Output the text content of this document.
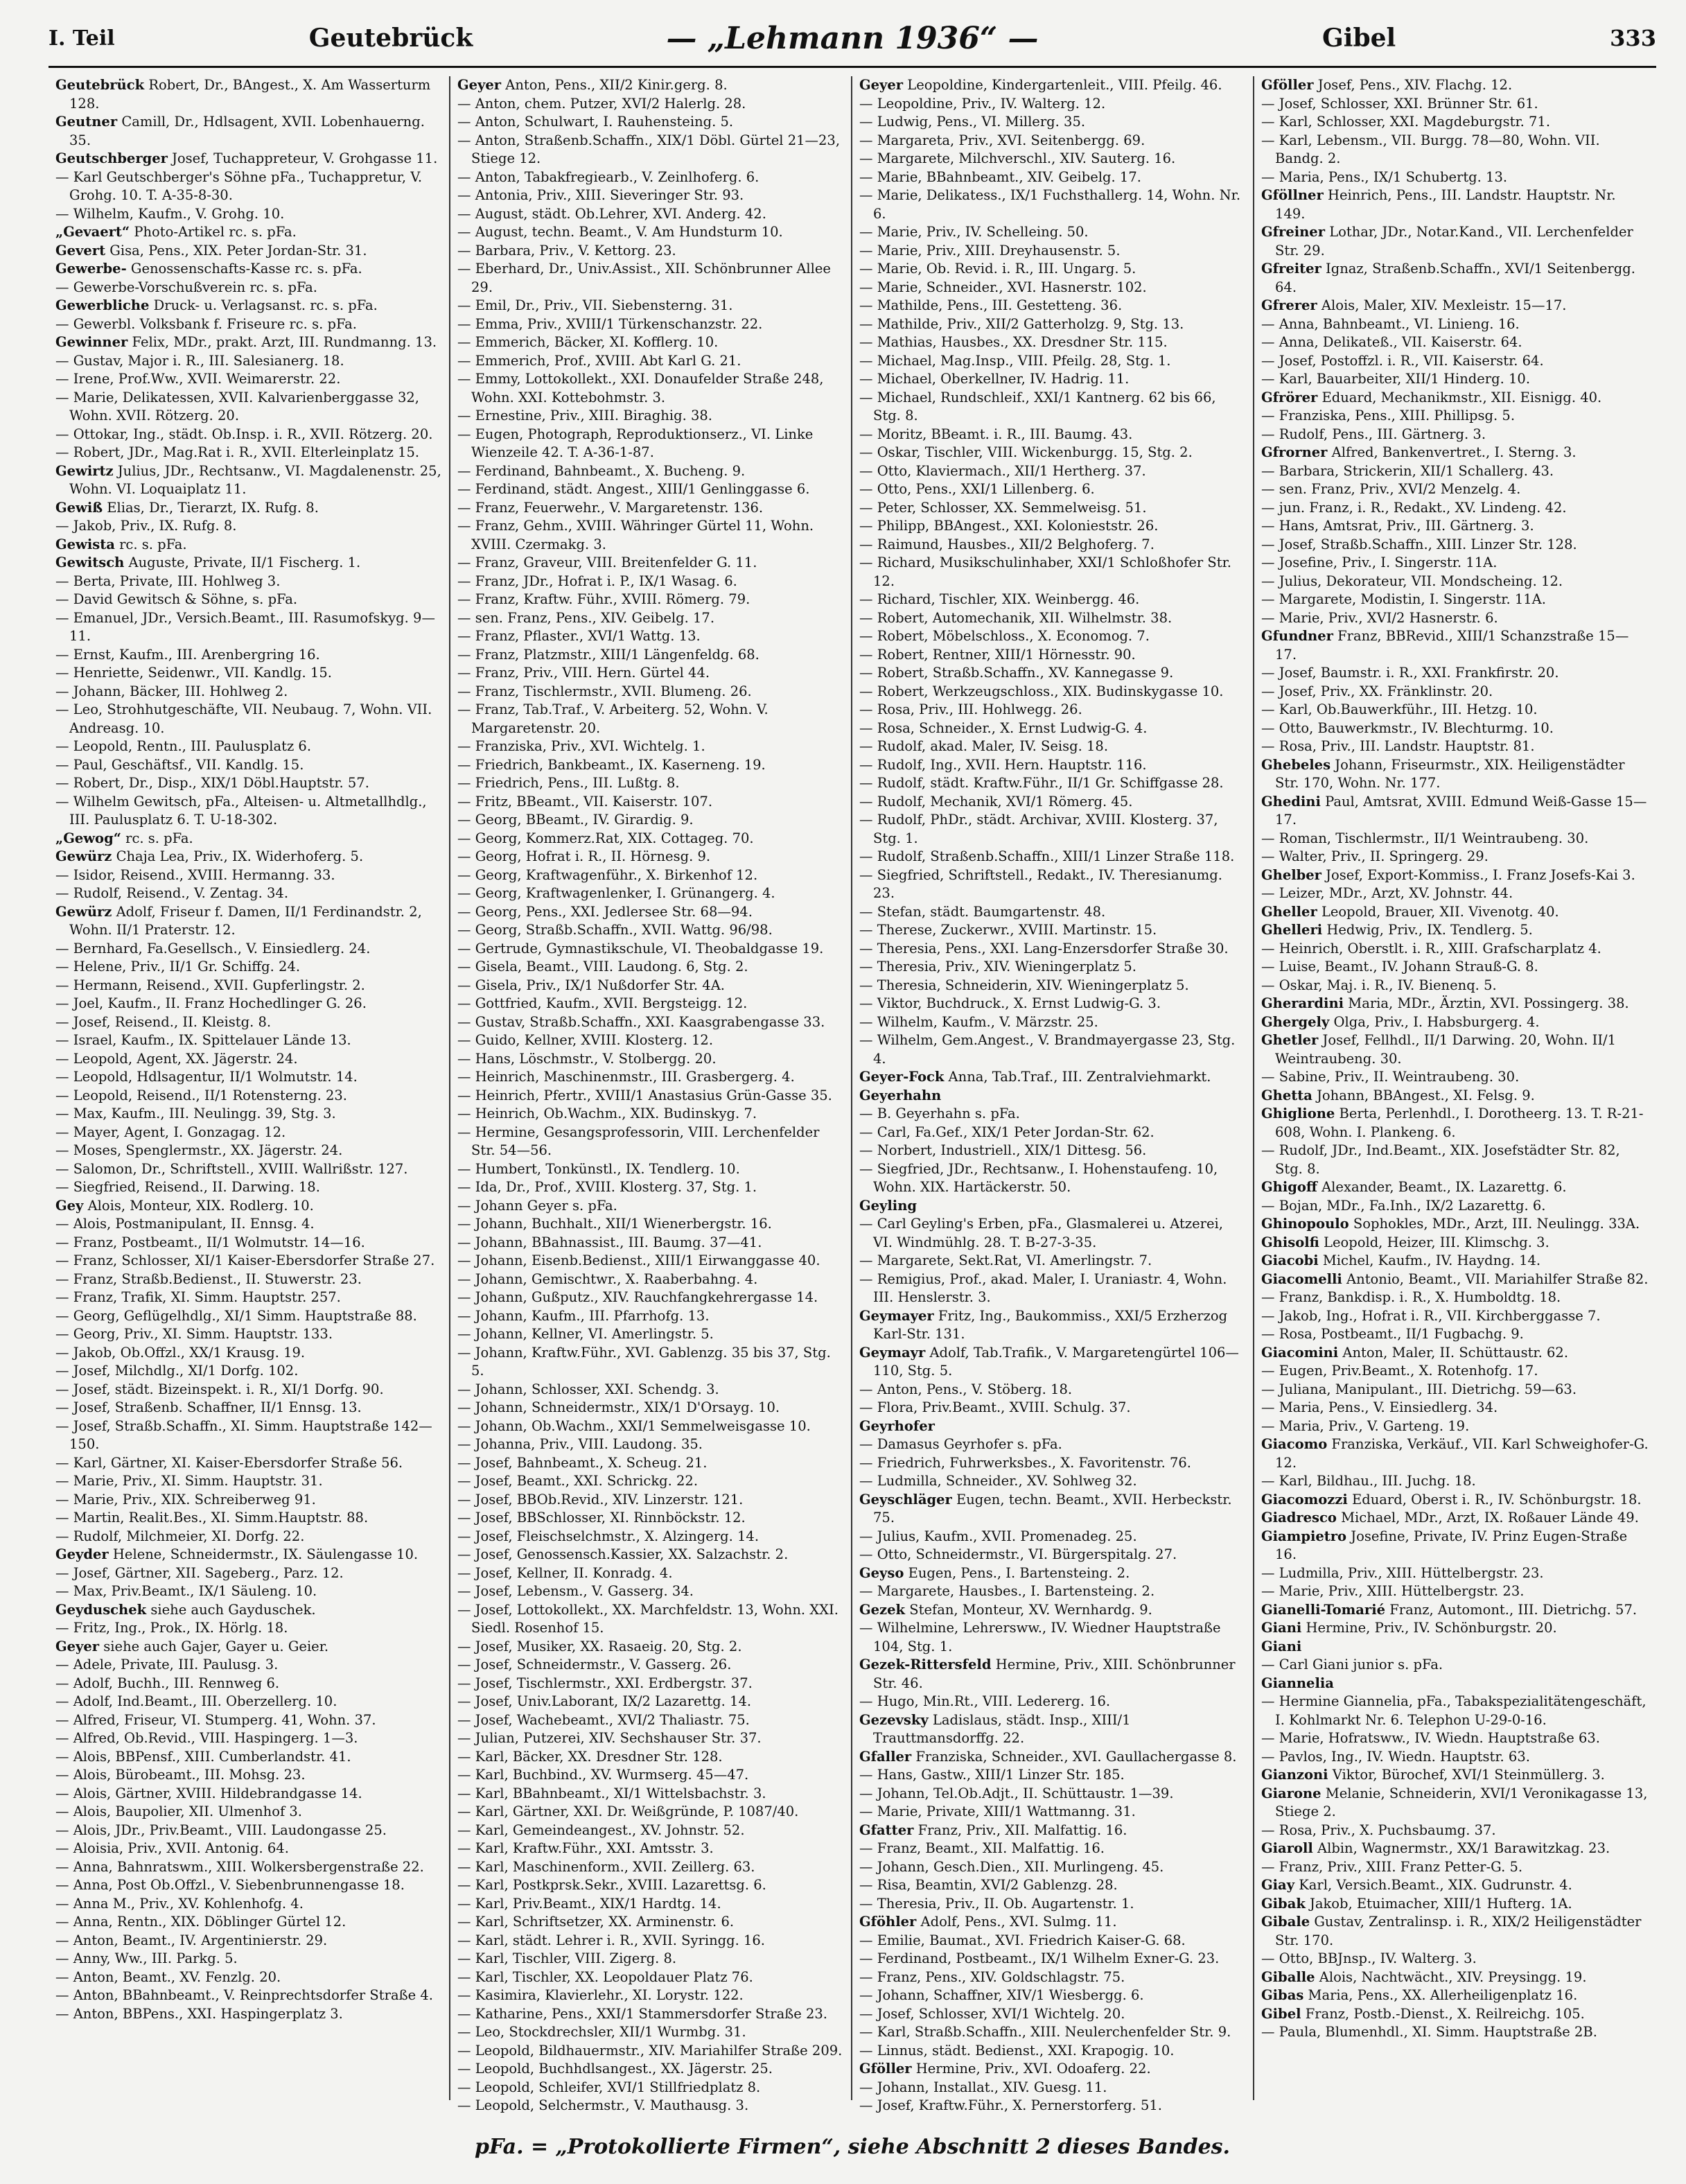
I. Teil	Geutebrück	— „Lehmann 1936“ —	Gibel	333

Geutebrück Robert, Dr., BAngest., X. Am Wasserturm 128.

Geutner Camill, Dr., Hdlsagent, XVII. Lobenhauerng. 35.

Geutschberger Josef, Tuchappreteur, V. Grohgasse 11.

— Karl Geutschberger's Söhne pFa., Tuchappretur, V. Grohg. 10. T. A-35-8-30.

— Wilhelm, Kaufm., V. Grohg. 10.

„Gevaert“ Photo-Artikel rc. s. pFa.

Gevert Gisa, Pens., XIX. Peter Jordan-Str. 31.

Gewerbe- Genossenschafts-Kasse rc. s. pFa.

— Gewerbe-Vorschußverein rc. s. pFa.

Gewerbliche Druck- u. Verlagsanst. rc. s. pFa.

— Gewerbl. Volksbank f. Friseure rc. s. pFa.

Gewinner Felix, MDr., prakt. Arzt, III. Rundmanng. 13.

— Gustav, Major i. R., III. Salesianerg. 18.

— Irene, Prof.Ww., XVII. Weimarerstr. 22.

— Marie, Delikatessen, XVII. Kalvarienberggasse 32, Wohn. XVII. Rötzerg. 20.

— Ottokar, Ing., städt. Ob.Insp. i. R., XVII. Rötzerg. 20.

— Robert, JDr., Mag.Rat i. R., XVII. Elterleinplatz 15.

Gewirtz Julius, JDr., Rechtsanw., VI. Magdalenenstr. 25, Wohn. VI. Loquaiplatz 11.

Gewiß Elias, Dr., Tierarzt, IX. Rufg. 8.

— Jakob, Priv., IX. Rufg. 8.

Gewista rc. s. pFa.

Gewitsch Auguste, Private, II/1 Fischerg. 1.

— Berta, Private, III. Hohlweg 3.

— David Gewitsch & Söhne, s. pFa.

— Emanuel, JDr., Versich.Beamt., III. Rasumofskyg. 9—11.

— Ernst, Kaufm., III. Arenbergring 16.

— Henriette, Seidenwr., VII. Kandlg. 15.

— Johann, Bäcker, III. Hohlweg 2.

— Leo, Strohhutgeschäfte, VII. Neubaug. 7, Wohn. VII. Andreasg. 10.

— Leopold, Rentn., III. Paulusplatz 6.

— Paul, Geschäftsf., VII. Kandlg. 15.

— Robert, Dr., Disp., XIX/1 Döbl.Hauptstr. 57.

— Wilhelm Gewitsch, pFa., Alteisen- u. Altmetallhdlg., III. Paulusplatz 6. T. U-18-302.

„Gewog“ rc. s. pFa.

Gewürz Chaja Lea, Priv., IX. Widerhoferg. 5.

— Isidor, Reisend., XVIII. Hermanng. 33.

— Rudolf, Reisend., V. Zentag. 34.

Gewürz Adolf, Friseur f. Damen, II/1 Ferdinandstr. 2, Wohn. II/1 Praterstr. 12.

— Bernhard, Fa.Gesellsch., V. Einsiedlerg. 24.

— Helene, Priv., II/1 Gr. Schiffg. 24.

— Hermann, Reisend., XVII. Gupferlingstr. 2.

— Joel, Kaufm., II. Franz Hochedlinger G. 26.

— Josef, Reisend., II. Kleistg. 8.

— Israel, Kaufm., IX. Spittelauer Lände 13.

— Leopold, Agent, XX. Jägerstr. 24.

— Leopold, Hdlsagentur, II/1 Wolmutstr. 14.

— Leopold, Reisend., II/1 Rotensterng. 23.

— Max, Kaufm., III. Neulingg. 39, Stg. 3.

— Mayer, Agent, I. Gonzagag. 12.

— Moses, Spenglermstr., XX. Jägerstr. 24.

— Salomon, Dr., Schriftstell., XVIII. Wallrißstr. 127.

— Siegfried, Reisend., II. Darwing. 18.

Gey Alois, Monteur, XIX. Rodlerg. 10.

— Alois, Postmanipulant, II. Ennsg. 4.

— Franz, Postbeamt., II/1 Wolmutstr. 14—16.

— Franz, Schlosser, XI/1 Kaiser-Ebersdorfer Straße 27.

— Franz, Straßb.Bedienst., II. Stuwerstr. 23.

— Franz, Trafik, XI. Simm. Hauptstr. 257.

— Georg, Geflügelhdlg., XI/1 Simm. Hauptstraße 88.

— Georg, Priv., XI. Simm. Hauptstr. 133.

— Jakob, Ob.Offzl., XX/1 Krausg. 19.

— Josef, Milchdlg., XI/1 Dorfg. 102.

— Josef, städt. Bizeinspekt. i. R., XI/1 Dorfg. 90.

— Josef, Straßenb. Schaffner, II/1 Ennsg. 13.

— Josef, Straßb.Schaffn., XI. Simm. Hauptstraße 142—150.

— Karl, Gärtner, XI. Kaiser-Ebersdorfer Straße 56.

— Marie, Priv., XI. Simm. Hauptstr. 31.

— Marie, Priv., XIX. Schreiberweg 91.

— Martin, Realit.Bes., XI. Simm.Hauptstr. 88.

— Rudolf, Milchmeier, XI. Dorfg. 22.

Geyder Helene, Schneidermstr., IX. Säulengasse 10.

— Josef, Gärtner, XII. Sageberg., Parz. 12.

— Max, Priv.Beamt., IX/1 Säuleng. 10.

Geyduschek siehe auch Gayduschek.

— Fritz, Ing., Prok., IX. Hörlg. 18.

Geyer siehe auch Gajer, Gayer u. Geier.

— Adele, Private, III. Paulusg. 3.

— Adolf, Buchh., III. Rennweg 6.

— Adolf, Ind.Beamt., III. Oberzellerg. 10.

— Alfred, Friseur, VI. Stumperg. 41, Wohn. 37.

— Alfred, Ob.Revid., VIII. Haspingerg. 1—3.

— Alois, BBPensf., XIII. Cumberlandstr. 41.

— Alois, Bürobeamt., III. Mohsg. 23.

— Alois, Gärtner, XVIII. Hildebrandgasse 14.

— Alois, Baupolier, XII. Ulmenhof 3.

— Alois, JDr., Priv.Beamt., VIII. Laudongasse 25.

— Aloisia, Priv., XVII. Antonig. 64.

— Anna, Bahnratswm., XIII. Wolkersbergenstraße 22.

— Anna, Post Ob.Offzl., V. Siebenbrunnengasse 18.

— Anna M., Priv., XV. Kohlenhofg. 4.

— Anna, Rentn., XIX. Döblinger Gürtel 12.

— Anton, Beamt., IV. Argentinierstr. 29.

— Anny, Ww., III. Parkg. 5.

— Anton, Beamt., XV. Fenzlg. 20.

— Anton, BBahnbeamt., V. Reinprechtsdorfer Straße 4.

— Anton, BBPens., XXI. Haspingerplatz 3.

Geyer Anton, Pens., XII/2 Kinir.gerg. 8.

— Anton, chem. Putzer, XVI/2 Halerlg. 28.

— Anton, Schulwart, I. Rauhensteing. 5.

— Anton, Straßenb.Schaffn., XIX/1 Döbl. Gürtel 21—23, Stiege 12.

— Anton, Tabakfregiearb., V. Zeinlhoferg. 6.

— Antonia, Priv., XIII. Sieveringer Str. 93.

— August, städt. Ob.Lehrer, XVI. Anderg. 42.

— August, techn. Beamt., V. Am Hundsturm 10.

— Barbara, Priv., V. Kettorg. 23.

— Eberhard, Dr., Univ.Assist., XII. Schönbrunner Allee 29.

— Emil, Dr., Priv., VII. Siebensterng. 31.

— Emma, Priv., XVIII/1 Türkenschanzstr. 22.

— Emmerich, Bäcker, XI. Kofflerg. 10.

— Emmerich, Prof., XVIII. Abt Karl G. 21.

— Emmy, Lottokollekt., XXI. Donaufelder Straße 248, Wohn. XXI. Kottebohmstr. 3.

— Ernestine, Priv., XIII. Biraghig. 38.

— Eugen, Photograph, Reproduktionserz., VI. Linke Wienzeile 42. T. A-36-1-87.

— Ferdinand, Bahnbeamt., X. Bucheng. 9.

— Ferdinand, städt. Angest., XIII/1 Genlinggasse 6.

— Franz, Feuerwehr., V. Margaretenstr. 136.

— Franz, Gehm., XVIII. Währinger Gürtel 11, Wohn. XVIII. Czermakg. 3.

— Franz, Graveur, VIII. Breitenfelder G. 11.

— Franz, JDr., Hofrat i. P., IX/1 Wasag. 6.

— Franz, Kraftw. Führ., XVIII. Römerg. 79.

— sen. Franz, Pens., XIV. Geibelg. 17.

— Franz, Pflaster., XVI/1 Wattg. 13.

— Franz, Platzmstr., XIII/1 Längenfeldg. 68.

— Franz, Priv., VIII. Hern. Gürtel 44.

— Franz, Tischlermstr., XVII. Blumeng. 26.

— Franz, Tab.Traf., V. Arbeiterg. 52, Wohn. V. Margaretenstr. 20.

— Franziska, Priv., XVI. Wichtelg. 1.

— Friedrich, Bankbeamt., IX. Kaserneng. 19.

— Friedrich, Pens., III. Lußtg. 8.

— Fritz, BBeamt., VII. Kaiserstr. 107.

— Georg, BBeamt., IV. Girardig. 9.

— Georg, Kommerz.Rat, XIX. Cottageg. 70.

— Georg, Hofrat i. R., II. Hörnesg. 9.

— Georg, Kraftwagenführ., X. Birkenhof 12.

— Georg, Kraftwagenlenker, I. Grünangerg. 4.

— Georg, Pens., XXI. Jedlersee Str. 68—94.

— Georg, Straßb.Schaffn., XVII. Wattg. 96/98.

— Gertrude, Gymnastikschule, VI. Theobaldgasse 19.

— Gisela, Beamt., VIII. Laudong. 6, Stg. 2.

— Gisela, Priv., IX/1 Nußdorfer Str. 4A.

— Gottfried, Kaufm., XVII. Bergsteigg. 12.

— Gustav, Straßb.Schaffn., XXI. Kaasgrabengasse 33.

— Guido, Kellner, XVIII. Klosterg. 12.

— Hans, Löschmstr., V. Stolbergg. 20.

— Heinrich, Maschinenmstr., III. Grasbergerg. 4.

— Heinrich, Pfertr., XVIII/1 Anastasius Grün-Gasse 35.

— Heinrich, Ob.Wachm., XIX. Budinskyg. 7.

— Hermine, Gesangsprofessorin, VIII. Lerchenfelder Str. 54—56.

— Humbert, Tonkünstl., IX. Tendlerg. 10.

— Ida, Dr., Prof., XVIII. Klosterg. 37, Stg. 1.

— Johann Geyer s. pFa.

— Johann, Buchhalt., XII/1 Wienerbergstr. 16.

— Johann, BBahnassist., III. Baumg. 37—41.

— Johann, Eisenb.Bedienst., XIII/1 Eirwanggasse 40.

— Johann, Gemischtwr., X. Raaberbahng. 4.

— Johann, Gußputz., XIV. Rauchfangkehrergasse 14.

— Johann, Kaufm., III. Pfarrhofg. 13.

— Johann, Kellner, VI. Amerlingstr. 5.

— Johann, Kraftw.Führ., XVI. Gablenzg. 35 bis 37, Stg. 5.

— Johann, Schlosser, XXI. Schendg. 3.

— Johann, Schneidermstr., XIX/1 D'Orsayg. 10.

— Johann, Ob.Wachm., XXI/1 Semmelweisgasse 10.

— Johanna, Priv., VIII. Laudong. 35.

— Josef, Bahnbeamt., X. Scheug. 21.

— Josef, Beamt., XXI. Schrickg. 22.

— Josef, BBOb.Revid., XIV. Linzerstr. 121.

— Josef, BBSchlosser, XI. Rinnböckstr. 12.

— Josef, Fleischselchmstr., X. Alzingerg. 14.

— Josef, Genossensch.Kassier, XX. Salzachstr. 2.

— Josef, Kellner, II. Konradg. 4.

— Josef, Lebensm., V. Gasserg. 34.

— Josef, Lottokollekt., XX. Marchfeldstr. 13, Wohn. XXI. Siedl. Rosenhof 15.

— Josef, Musiker, XX. Rasaeig. 20, Stg. 2.

— Josef, Schneidermstr., V. Gasserg. 26.

— Josef, Tischlermstr., XXI. Erdbergstr. 37.

— Josef, Univ.Laborant, IX/2 Lazarettg. 14.

— Josef, Wachebeamt., XVI/2 Thaliastr. 75.

— Julian, Putzerei, XIV. Sechshauser Str. 37.

— Karl, Bäcker, XX. Dresdner Str. 128.

— Karl, Buchbind., XV. Wurmserg. 45—47.

— Karl, BBahnbeamt., XI/1 Wittelsbachstr. 3.

— Karl, Gärtner, XXI. Dr. Weißgründe, P. 1087/40.

— Karl, Gemeindeangest., XV. Johnstr. 52.

— Karl, Kraftw.Führ., XXI. Amtsstr. 3.

— Karl, Maschinenform., XVII. Zeillerg. 63.

— Karl, Postkprsk.Sekr., XVIII. Lazarettsg. 6.

— Karl, Priv.Beamt., XIX/1 Hardtg. 14.

— Karl, Schriftsetzer, XX. Arminenstr. 6.

— Karl, städt. Lehrer i. R., XVII. Syringg. 16.

— Karl, Tischler, VIII. Zigerg. 8.

— Karl, Tischler, XX. Leopoldauer Platz 76.

— Kasimira, Klavierlehr., XI. Lorystr. 122.

— Katharine, Pens., XXI/1 Stammersdorfer Straße 23.

— Leo, Stockdrechsler, XII/1 Wurmbg. 31.

— Leopold, Bildhauermstr., XIV. Mariahilfer Straße 209.

— Leopold, Buchhdlsangest., XX. Jägerstr. 25.

— Leopold, Schleifer, XVI/1 Stillfriedplatz 8.

— Leopold, Selchermstr., V. Mauthausg. 3.

Geyer Leopoldine, Kindergartenleit., VIII. Pfeilg. 46.

— Leopoldine, Priv., IV. Walterg. 12.

— Ludwig, Pens., VI. Millerg. 35.

— Margareta, Priv., XVI. Seitenbergg. 69.

— Margarete, Milchverschl., XIV. Sauterg. 16.

— Marie, BBahnbeamt., XIV. Geibelg. 17.

— Marie, Delikatess., IX/1 Fuchsthallerg. 14, Wohn. Nr. 6.

— Marie, Priv., IV. Schelleing. 50.

— Marie, Priv., XIII. Dreyhausenstr. 5.

— Marie, Ob. Revid. i. R., III. Ungarg. 5.

— Marie, Schneider., XVI. Hasnerstr. 102.

— Mathilde, Pens., III. Gestetteng. 36.

— Mathilde, Priv., XII/2 Gatterholzg. 9, Stg. 13.

— Mathias, Hausbes., XX. Dresdner Str. 115.

— Michael, Mag.Insp., VIII. Pfeilg. 28, Stg. 1.

— Michael, Oberkellner, IV. Hadrig. 11.

— Michael, Rundschleif., XXI/1 Kantnerg. 62 bis 66, Stg. 8.

— Moritz, BBeamt. i. R., III. Baumg. 43.

— Oskar, Tischler, VIII. Wickenburgg. 15, Stg. 2.

— Otto, Klaviermach., XII/1 Hertherg. 37.

— Otto, Pens., XXI/1 Lillenberg. 6.

— Peter, Schlosser, XX. Semmelweisg. 51.

— Philipp, BBAngest., XXI. Kolonieststr. 26.

— Raimund, Hausbes., XII/2 Belghoferg. 7.

— Richard, Musikschulinhaber, XXI/1 Schloßhofer Str. 12.

— Richard, Tischler, XIX. Weinbergg. 46.

— Robert, Automechanik, XII. Wilhelmstr. 38.

— Robert, Möbelschloss., X. Economog. 7.

— Robert, Rentner, XIII/1 Hörnesstr. 90.

— Robert, Straßb.Schaffn., XV. Kannegasse 9.

— Robert, Werkzeugschloss., XIX. Budinskygasse 10.

— Rosa, Priv., III. Hohlwegg. 26.

— Rosa, Schneider., X. Ernst Ludwig-G. 4.

— Rudolf, akad. Maler, IV. Seisg. 18.

— Rudolf, Ing., XVII. Hern. Hauptstr. 116.

— Rudolf, städt. Kraftw.Führ., II/1 Gr. Schiffgasse 28.

— Rudolf, Mechanik, XVI/1 Römerg. 45.

— Rudolf, PhDr., städt. Archivar, XVIII. Klosterg. 37, Stg. 1.

— Rudolf, Straßenb.Schaffn., XIII/1 Linzer Straße 118.

— Siegfried, Schriftstell., Redakt., IV. Theresianumg. 23.

— Stefan, städt. Baumgartenstr. 48.

— Therese, Zuckerwr., XVIII. Martinstr. 15.

— Theresia, Pens., XXI. Lang-Enzersdorfer Straße 30.

— Theresia, Priv., XIV. Wieningerplatz 5.

— Theresia, Schneiderin, XIV. Wieningerplatz 5.

— Viktor, Buchdruck., X. Ernst Ludwig-G. 3.

— Wilhelm, Kaufm., V. Märzstr. 25.

— Wilhelm, Gem.Angest., V. Brandmayergasse 23, Stg. 4.

Geyer-Fock Anna, Tab.Traf., III. Zentralviehmarkt.

Geyerhahn

— B. Geyerhahn s. pFa.

— Carl, Fa.Gef., XIX/1 Peter Jordan-Str. 62.

— Norbert, Industriell., XIX/1 Dittesg. 56.

— Siegfried, JDr., Rechtsanw., I. Hohenstaufeng. 10, Wohn. XIX. Hartäckerstr. 50.

Geyling

— Carl Geyling's Erben, pFa., Glasmalerei u. Atzerei, VI. Windmühlg. 28. T. B-27-3-35.

— Margarete, Sekt.Rat, VI. Amerlingstr. 7.

— Remigius, Prof., akad. Maler, I. Uraniastr. 4, Wohn. III. Henslerstr. 3.

Geymayer Fritz, Ing., Baukommiss., XXI/5 Erzherzog Karl-Str. 131.

Geymayr Adolf, Tab.Trafik., V. Margaretengürtel 106—110, Stg. 5.

— Anton, Pens., V. Stöberg. 18.

— Flora, Priv.Beamt., XVIII. Schulg. 37.

Geyrhofer

— Damasus Geyrhofer s. pFa.

— Friedrich, Fuhrwerksbes., X. Favoritenstr. 76.

— Ludmilla, Schneider., XV. Sohlweg 32.

Geyschläger Eugen, techn. Beamt., XVII. Herbeckstr. 75.

— Julius, Kaufm., XVII. Promenadeg. 25.

— Otto, Schneidermstr., VI. Bürgerspitalg. 27.

Geyso Eugen, Pens., I. Bartensteing. 2.

— Margarete, Hausbes., I. Bartensteing. 2.

Gezek Stefan, Monteur, XV. Wernhardg. 9.

— Wilhelmine, Lehrersww., IV. Wiedner Hauptstraße 104, Stg. 1.

Gezek-Rittersfeld Hermine, Priv., XIII. Schönbrunner Str. 46.

— Hugo, Min.Rt., VIII. Ledererg. 16.

Gezevsky Ladislaus, städt. Insp., XIII/1 Trauttmansdorffg. 22.

Gfaller Franziska, Schneider., XVI. Gaullachergasse 8.

— Hans, Gastw., XIII/1 Linzer Str. 185.

— Johann, Tel.Ob.Adjt., II. Schüttaustr. 1—39.

— Marie, Private, XIII/1 Wattmanng. 31.

Gfatter Franz, Priv., XII. Malfattig. 16.

— Franz, Beamt., XII. Malfattig. 16.

— Johann, Gesch.Dien., XII. Murlingeng. 45.

— Risa, Beamtin, XVI/2 Gablenzg. 28.

— Theresia, Priv., II. Ob. Augartenstr. 1.

Gföhler Adolf, Pens., XVI. Sulmg. 11.

— Emilie, Baumat., XVI. Friedrich Kaiser-G. 68.

— Ferdinand, Postbeamt., IX/1 Wilhelm Exner-G. 23.

— Franz, Pens., XIV. Goldschlagstr. 75.

— Johann, Schaffner, XIV/1 Wiesbergg. 6.

— Josef, Schlosser, XVI/1 Wichtelg. 20.

— Karl, Straßb.Schaffn., XIII. Neulerchenfelder Str. 9.

— Linnus, städt. Bedienst., XXI. Krapogig. 10.

Gföller Hermine, Priv., XVI. Odoaferg. 22.

— Johann, Installat., XIV. Guesg. 11.

— Josef, Kraftw.Führ., X. Pernerstorferg. 51.

Gföller Josef, Pens., XIV. Flachg. 12.

— Josef, Schlosser, XXI. Brünner Str. 61.

— Karl, Schlosser, XXI. Magdeburgstr. 71.

— Karl, Lebensm., VII. Burgg. 78—80, Wohn. VII. Bandg. 2.

— Maria, Pens., IX/1 Schubertg. 13.

Gföllner Heinrich, Pens., III. Landstr. Hauptstr. Nr. 149.

Gfreiner Lothar, JDr., Notar.Kand., VII. Lerchenfelder Str. 29.

Gfreiter Ignaz, Straßenb.Schaffn., XVI/1 Seitenbergg. 64.

Gfrerer Alois, Maler, XIV. Mexleistr. 15—17.

— Anna, Bahnbeamt., VI. Linieng. 16.

— Anna, Delikateß., VII. Kaiserstr. 64.

— Josef, Postoffzl. i. R., VII. Kaiserstr. 64.

— Karl, Bauarbeiter, XII/1 Hinderg. 10.

Gfrörer Eduard, Mechanikmstr., XII. Eisnigg. 40.

— Franziska, Pens., XIII. Phillipsg. 5.

— Rudolf, Pens., III. Gärtnerg. 3.

Gfrorner Alfred, Bankenvertret., I. Sterng. 3.

— Barbara, Strickerin, XII/1 Schallerg. 43.

— sen. Franz, Priv., XVI/2 Menzelg. 4.

— jun. Franz, i. R., Redakt., XV. Lindeng. 42.

— Hans, Amtsrat, Priv., III. Gärtnerg. 3.

— Josef, Straßb.Schaffn., XIII. Linzer Str. 128.

— Josefine, Priv., I. Singerstr. 11A.

— Julius, Dekorateur, VII. Mondscheing. 12.

— Margarete, Modistin, I. Singerstr. 11A.

— Marie, Priv., XVI/2 Hasnerstr. 6.

Gfundner Franz, BBRevid., XIII/1 Schanzstraße 15—17.

— Josef, Baumstr. i. R., XXI. Frankfirstr. 20.

— Josef, Priv., XX. Fränklinstr. 20.

— Karl, Ob.Bauwerkführ., III. Hetzg. 10.

— Otto, Bauwerkmstr., IV. Blechturmg. 10.

— Rosa, Priv., III. Landstr. Hauptstr. 81.

Ghebeles Johann, Friseurmstr., XIX. Heiligenstädter Str. 170, Wohn. Nr. 177.

Ghedini Paul, Amtsrat, XVIII. Edmund Weiß-Gasse 15—17.

— Roman, Tischlermstr., II/1 Weintraubeng. 30.

— Walter, Priv., II. Springerg. 29.

Ghelber Josef, Export-Kommiss., I. Franz Josefs-Kai 3.

— Leizer, MDr., Arzt, XV. Johnstr. 44.

Gheller Leopold, Brauer, XII. Vivenotg. 40.

Ghelleri Hedwig, Priv., IX. Tendlerg. 5.

— Heinrich, Oberstlt. i. R., XIII. Grafscharplatz 4.

— Luise, Beamt., IV. Johann Strauß-G. 8.

— Oskar, Maj. i. R., IV. Bienenq. 5.

Gherardini Maria, MDr., Ärztin, XVI. Possingerg. 38.

Ghergely Olga, Priv., I. Habsburgerg. 4.

Ghetler Josef, Fellhdl., II/1 Darwing. 20, Wohn. II/1 Weintraubeng. 30.

— Sabine, Priv., II. Weintraubeng. 30.

Ghetta Johann, BBAngest., XI. Felsg. 9.

Ghiglione Berta, Perlenhdl., I. Dorotheerg. 13. T. R-21-608, Wohn. I. Plankeng. 6.

— Rudolf, JDr., Ind.Beamt., XIX. Josefstädter Str. 82, Stg. 8.

Ghigoff Alexander, Beamt., IX. Lazarettg. 6.

— Bojan, MDr., Fa.Inh., IX/2 Lazarettg. 6.

Ghinopoulo Sophokles, MDr., Arzt, III. Neulingg. 33A.

Ghisolfi Leopold, Heizer, III. Klimschg. 3.

Giacobi Michel, Kaufm., IV. Haydng. 14.

Giacomelli Antonio, Beamt., VII. Mariahilfer Straße 82.

— Franz, Bankdisp. i. R., X. Humboldtg. 18.

— Jakob, Ing., Hofrat i. R., VII. Kirchberggasse 7.

— Rosa, Postbeamt., II/1 Fugbachg. 9.

Giacomini Anton, Maler, II. Schüttaustr. 62.

— Eugen, Priv.Beamt., X. Rotenhofg. 17.

— Juliana, Manipulant., III. Dietrichg. 59—63.

— Maria, Pens., V. Einsiedlerg. 34.

— Maria, Priv., V. Garteng. 19.

Giacomo Franziska, Verkäuf., VII. Karl Schweighofer-G. 12.

— Karl, Bildhau., III. Juchg. 18.

Giacomozzi Eduard, Oberst i. R., IV. Schönburgstr. 18.

Giadresco Michael, MDr., Arzt, IX. Roßauer Lände 49.

Giampietro Josefine, Private, IV. Prinz Eugen-Straße 16.

— Ludmilla, Priv., XIII. Hüttelbergstr. 23.

— Marie, Priv., XIII. Hüttelbergstr. 23.

Gianelli-Tomarié Franz, Automont., III. Dietrichg. 57.

Giani Hermine, Priv., IV. Schönburgstr. 20.

Giani

— Carl Giani junior s. pFa.

Giannelia

— Hermine Giannelia, pFa., Tabakspezialitätengeschäft, I. Kohlmarkt Nr. 6. Telephon U-29-0-16.

— Marie, Hofratsww., IV. Wiedn. Hauptstraße 63.

— Pavlos, Ing., IV. Wiedn. Hauptstr. 63.

Gianzoni Viktor, Bürochef, XVI/1 Steinmüllerg. 3.

Giarone Melanie, Schneiderin, XVI/1 Veronikagasse 13, Stiege 2.

— Rosa, Priv., X. Puchsbaumg. 37.

Giaroll Albin, Wagnermstr., XX/1 Barawitzkag. 23.

— Franz, Priv., XIII. Franz Petter-G. 5.

Giay Karl, Versich.Beamt., XIX. Gudrunstr. 4.

Gibak Jakob, Etuimacher, XIII/1 Hufterg. 1A.

Gibale Gustav, Zentralinsp. i. R., XIX/2 Heiligenstädter Str. 170.

— Otto, BBJnsp., IV. Walterg. 3.

Giballe Alois, Nachtwächt., XIV. Preysingg. 19.

Gibas Maria, Pens., XX. Allerheiligenplatz 16.

Gibel Franz, Postb.-Dienst., X. Reilreichg. 105.

— Paula, Blumenhdl., XI. Simm. Hauptstraße 2B.

pFa. = „Protokollierte Firmen“, siehe Abschnitt 2 dieses Bandes.
